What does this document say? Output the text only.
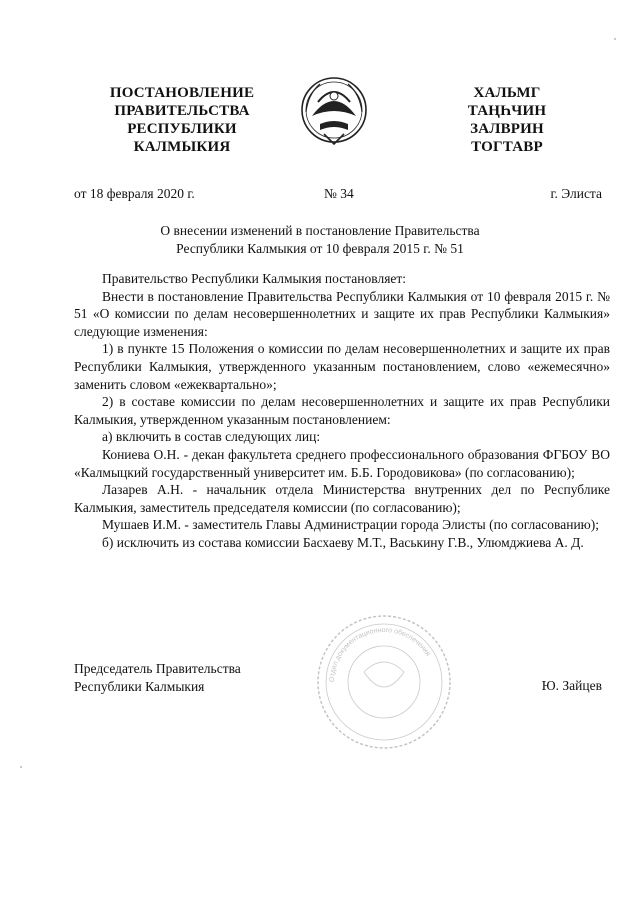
ПОСТАНОВЛЕНИЕ
ПРАВИТЕЛЬСТВА
РЕСПУБЛИКИ
КАЛМЫКИЯ
ХАЛЬМГ
ТАҢҺЧИН
ЗАЛВРИН
ТОГТАВР
от 18 февраля 2020 г.	№ 34	г. Элиста
О внесении изменений в постановление Правительства
Республики Калмыкия от 10 февраля 2015 г. № 51

Правительство Республики Калмыкия постановляет:

Внести в постановление Правительства Республики Калмыкия от 10 февраля 2015 г. № 51 «О комиссии по делам несовершеннолетних и защите их прав Республики Калмыкия» следующие изменения:

1) в пункте 15 Положения о комиссии по делам несовершеннолетних и защите их прав Республики Калмыкия, утвержденного указанным постановлением, слово «ежемесячно» заменить словом «ежеквартально»;

2) в составе комиссии по делам несовершеннолетних и защите их прав Республики Калмыкия, утвержденном указанным постановлением:

а) включить в состав следующих лиц:

Кониева О.Н. - декан факультета среднего профессионального образования ФГБОУ ВО «Калмыцкий государственный университет им. Б.Б. Городовикова» (по согласованию);

Лазарев А.Н. - начальник отдела Министерства внутренних дел по Республике Калмыкия, заместитель председателя комиссии (по согласованию);

Мушаев И.М. - заместитель Главы Администрации города Элисты (по согласованию);

б) исключить из состава комиссии Басхаеву М.Т., Васькину Г.В., Улюмджиева А. Д.

Отдел документационного обеспечения
Председатель Правительства
Республики Калмыкия	Ю. Зайцев
